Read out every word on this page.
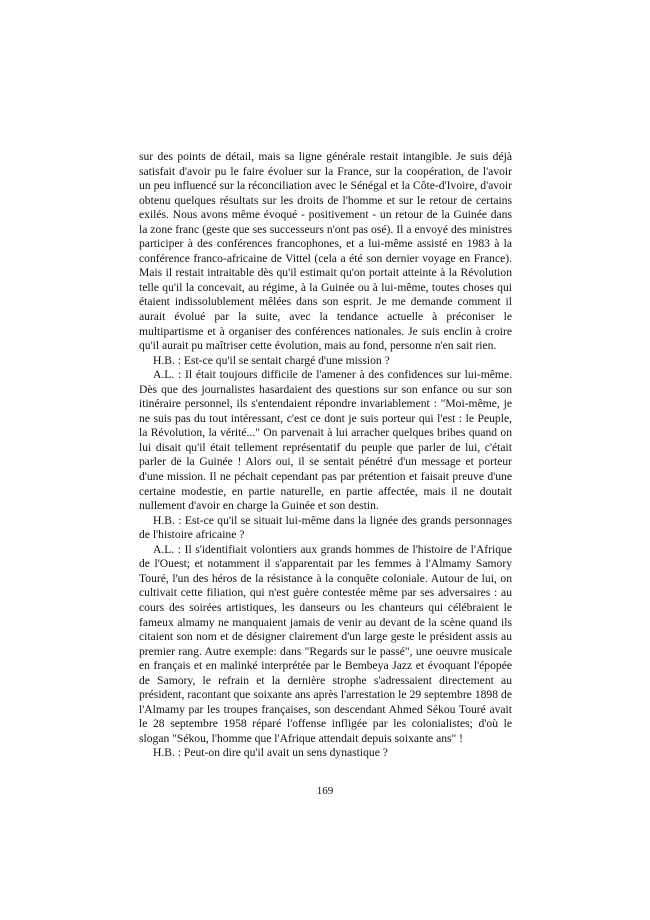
sur des points de détail, mais sa ligne générale restait intangible. Je suis déjà satisfait d'avoir pu le faire évoluer sur la France, sur la coopération, de l'avoir un peu influencé sur la réconciliation avec le Sénégal et la Côte-d'Ivoire, d'avoir obtenu quelques résultats sur les droits de l'homme et sur le retour de certains exilés. Nous avons même évoqué - positivement - un retour de la Guinée dans la zone franc (geste que ses successeurs n'ont pas osé). Il a envoyé des ministres participer à des conférences francophones, et a lui-même assisté en 1983 à la conférence franco-africaine de Vittel (cela a été son dernier voyage en France). Mais il restait intraitable dès qu'il estimait qu'on portait atteinte à la Révolution telle qu'il la concevait, au régime, à la Guinée ou à lui-même, toutes choses qui étaient indissolublement mêlées dans son esprit. Je me demande comment il aurait évolué par la suite, avec la tendance actuelle à préconiser le multipartisme et à organiser des conférences nationales. Je suis enclin à croire qu'il aurait pu maîtriser cette évolution, mais au fond, personne n'en sait rien.

H.B. : Est-ce qu'il se sentait chargé d'une mission ?

A.L. : Il était toujours difficile de l'amener à des confidences sur lui-même. Dès que des journalistes hasardaient des questions sur son enfance ou sur son itinéraire personnel, ils s'entendaient répondre invariablement : "Moi-même, je ne suis pas du tout intéressant, c'est ce dont je suis porteur qui l'est : le Peuple, la Révolution, la vérité..." On parvenait à lui arracher quelques bribes quand on lui disait qu'il était tellement représentatif du peuple que parler de lui, c'était parler de la Guinée ! Alors oui, il se sentait pénétré d'un message et porteur d'une mission. Il ne péchait cependant pas par prétention et faisait preuve d'une certaine modestie, en partie naturelle, en partie affectée, mais il ne doutait nullement d'avoir en charge la Guinée et son destin.

H.B. : Est-ce qu'il se situait lui-même dans la lignée des grands personnages de l'histoire africaine ?

A.L. : Il s'identifiait volontiers aux grands hommes de l'histoire de l'Afrique de l'Ouest; et notamment il s'apparentait par les femmes à l'Almamy Samory Touré, l'un des héros de la résistance à la conquête coloniale. Autour de lui, on cultivait cette filiation, qui n'est guère contestée même par ses adversaires : au cours des soirées artistiques, les danseurs ou les chanteurs qui célébraient le fameux almamy ne manquaient jamais de venir au devant de la scène quand ils citaient son nom et de désigner clairement d'un large geste le président assis au premier rang. Autre exemple: dans "Regards sur le passé", une oeuvre musicale en français et en malinké interprétée par le Bembeya Jazz et évoquant l'épopée de Samory, le refrain et la dernière strophe s'adressaient directement au président, racontant que soixante ans après l'arrestation le 29 septembre 1898 de l'Almamy par les troupes françaises, son descendant Ahmed Sékou Touré avait le 28 septembre 1958 réparé l'offense infligée par les colonialistes; d'où le slogan "Sékou, l'homme que l'Afrique attendait depuis soixante ans" !

H.B. : Peut-on dire qu'il avait un sens dynastique ?

169
